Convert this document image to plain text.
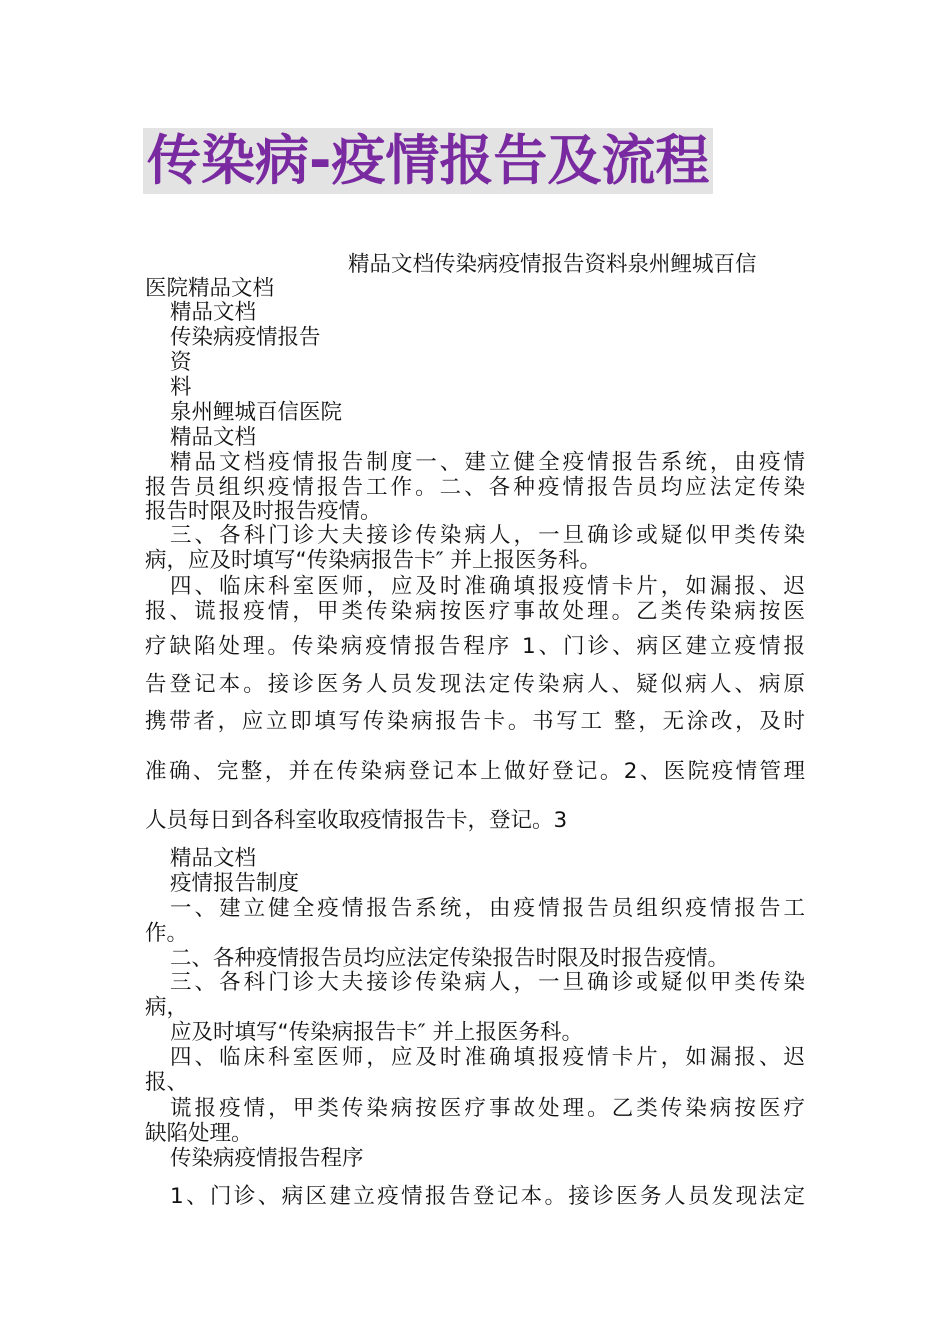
传染病-疫情报告及流程
精品文档传染病疫情报告资料泉州鲤城百信
医院精品文档
精品文档
传染病疫情报告
资
料
泉州鲤城百信医院
精品文档
精品文档疫情报告制度一、建立健全疫情报告系统，由疫情
报告员组织疫情报告工作。二、各种疫情报告员均应法定传染
报告时限及时报告疫情。
三、各科门诊大夫接诊传染病人，一旦确诊或疑似甲类传染
病，应及时填写“传染病报告卡″ 并上报医务科。
四、临床科室医师，应及时准确填报疫情卡片，如漏报、迟
报、谎报疫情，甲类传染病按医疗事故处理。乙类传染病按医
疗缺陷处理。传染病疫情报告程序 1、门诊、病区建立疫情报
告登记本。接诊医务人员发现法定传染病人、疑似病人、病原
携带者，应立即填写传染病报告卡。书写工 整，无涂改，及时
准确、完整，并在传染病登记本上做好登记。2、医院疫情管理
人员每日到各科室收取疫情报告卡，登记。3
精品文档
疫情报告制度
一、建立健全疫情报告系统，由疫情报告员组织疫情报告工
作。
二、各种疫情报告员均应法定传染报告时限及时报告疫情。
三、各科门诊大夫接诊传染病人，一旦确诊或疑似甲类传染
病，
应及时填写“传染病报告卡″ 并上报医务科。
四、临床科室医师，应及时准确填报疫情卡片，如漏报、迟
报、
谎报疫情，甲类传染病按医疗事故处理。乙类传染病按医疗
缺陷处理。
传染病疫情报告程序
1、门诊、病区建立疫情报告登记本。接诊医务人员发现法定
